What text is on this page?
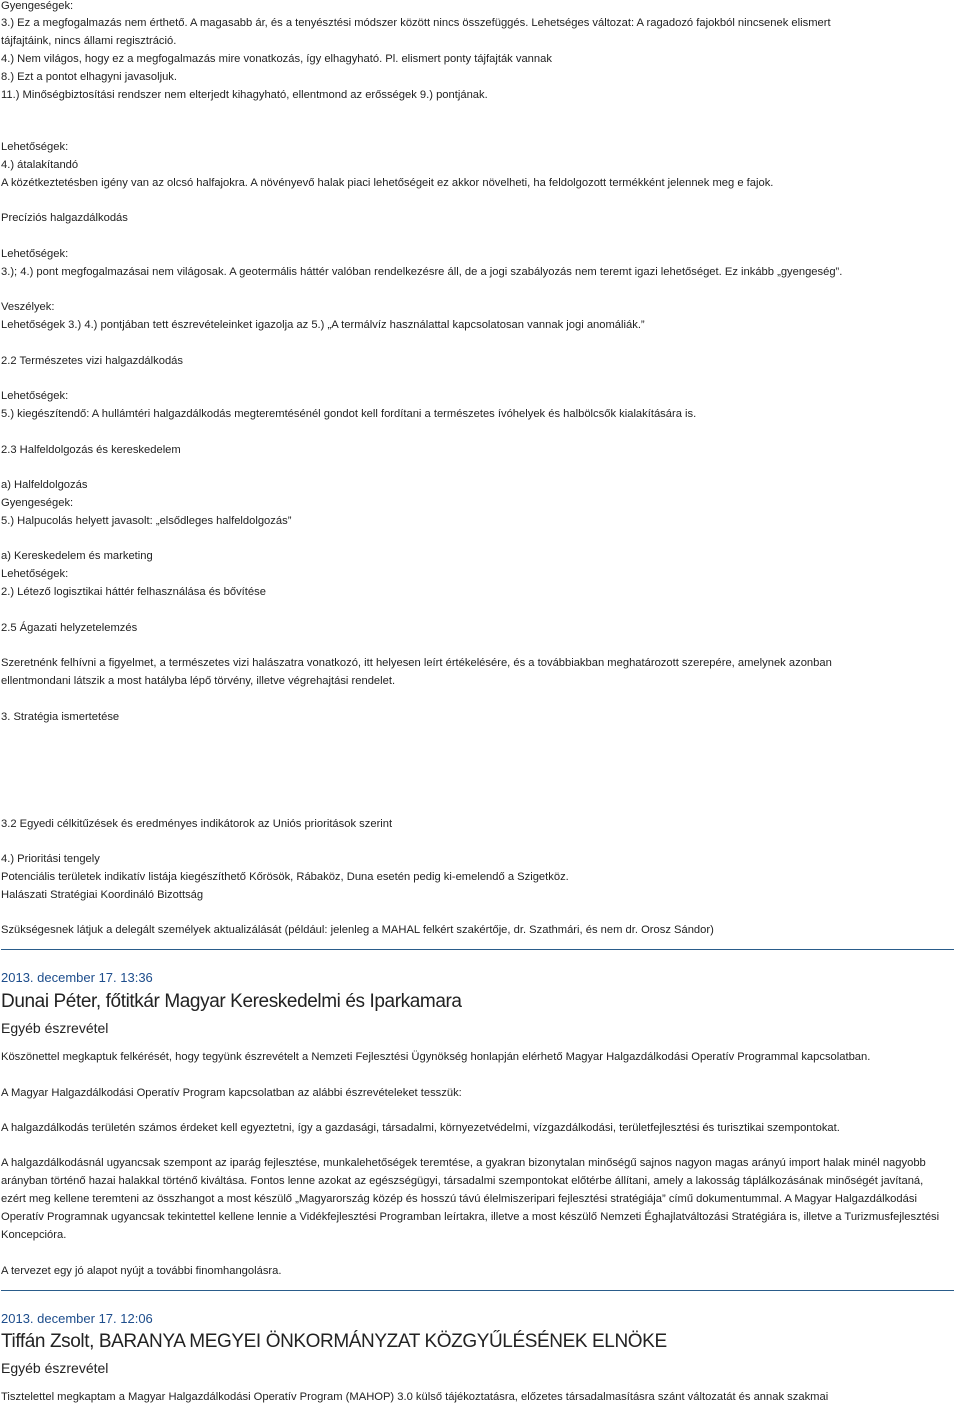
Gyengeségek:
3.) Ez a megfogalmazás nem érthető. A magasabb ár, és a tenyésztési módszer között nincs összefüggés. Lehetséges változat: A ragadozó fajokból nincsenek elismert
tájfajtáink, nincs állami regisztráció.
4.) Nem világos, hogy ez a megfogalmazás mire vonatkozás, így elhagyható. Pl. elismert ponty tájfajták vannak
8.) Ezt a pontot elhagyni javasoljuk.
11.) Minőségbiztosítási rendszer nem elterjedt kihagyható, ellentmond az erősségek 9.) pontjának.
Lehetőségek:
4.) átalakítandó
A közétkeztetésben igény van az olcsó halfajokra. A növényevő halak piaci lehetőségeit ez akkor növelheti, ha feldolgozott termékként jelennek meg e fajok.
Precíziós halgazdálkodás
Lehetőségek:
3.); 4.) pont megfogalmazásai nem világosak. A geotermális háttér valóban rendelkezésre áll, de a jogi szabályozás nem teremt igazi lehetőséget. Ez inkább „gyengeség”.
Veszélyek:
Lehetőségek 3.) 4.) pontjában tett észrevételeinket igazolja az 5.) „A termálvíz használattal kapcsolatosan vannak jogi anomáliák.”
2.2 Természetes vizi halgazdálkodás
Lehetőségek:
5.) kiegészítendő: A hullámtéri halgazdálkodás megteremtésénél gondot kell fordítani a természetes ívóhelyek és halbölcsők kialakítására is.
2.3 Halfeldolgozás és kereskedelem
a) Halfeldolgozás
Gyengeségek:
5.) Halpucolás helyett javasolt: „elsődleges halfeldolgozás”
a) Kereskedelem és marketing
Lehetőségek:
2.) Létező logisztikai háttér felhasználása és bővítése
2.5 Ágazati helyzetelemzés
Szeretnénk felhívni a figyelmet, a természetes vizi halászatra vonatkozó, itt helyesen leírt értékelésére, és a továbbiakban meghatározott szerepére, amelynek azonban
ellentmondani látszik a most hatályba lépő törvény, illetve végrehajtási rendelet.
3. Stratégia ismertetése
3.2 Egyedi célkitűzések és eredményes indikátorok az Uniós prioritások szerint
4.) Prioritási tengely
Potenciális területek indikatív listája kiegészíthető Kőrösök, Rábaköz, Duna esetén pedig ki-emelendő a Szigetköz.
Halászati Stratégiai Koordináló Bizottság
Szükségesnek látjuk a delegált személyek aktualizálását (például: jelenleg a MAHAL felkért szakértője, dr. Szathmári, és nem dr. Orosz Sándor)
2013. december 17. 13:36
Dunai Péter, főtitkár Magyar Kereskedelmi és Iparkamara
Egyéb észrevétel
Köszönettel megkaptuk felkérését, hogy tegyünk észrevételt a Nemzeti Fejlesztési Ügynökség honlapján elérhető Magyar Halgazdálkodási Operatív Programmal kapcsolatban.
A Magyar Halgazdálkodási Operatív Program kapcsolatban az alábbi észrevételeket tesszük:
A halgazdálkodás területén számos érdeket kell egyeztetni, így a gazdasági, társadalmi, környezetvédelmi, vízgazdálkodási, területfejlesztési és turisztikai szempontokat.
A halgazdálkodásnál ugyancsak szempont az iparág fejlesztése, munkalehetőségek teremtése, a gyakran bizonytalan minőségű sajnos nagyon magas arányú import halak minél nagyobb arányban történő hazai halakkal történő kiváltása. Fontos lenne azokat az egészségügyi, társadalmi szempontokat előtérbe állítani, amely a lakosság táplálkozásának minőségét javítaná, ezért meg kellene teremteni az összhangot a most készülő „Magyarország közép és hosszú távú élelmiszeripari fejlesztési stratégiája” című dokumentummal. A Magyar Halgazdálkodási Operatív Programnak ugyancsak tekintettel kellene lennie a Vidékfejlesztési Programban leírtakra, illetve a most készülő Nemzeti Éghajlatváltozási Stratégiára is, illetve a Turizmusfejlesztési Koncepcióra.
A tervezet egy jó alapot nyújt a további finomhangolásra.
2013. december 17. 12:06
Tiffán Zsolt, BARANYA MEGYEI ÖNKORMÁNYZAT KÖZGYŰLÉSÉNEK ELNÖKE
Egyéb észrevétel
Tisztelettel megkaptam a Magyar Halgazdálkodási Operatív Program (MAHOP) 3.0 külső tájékoztatásra, előzetes társadalmasításra szánt változatát és annak szakmai
